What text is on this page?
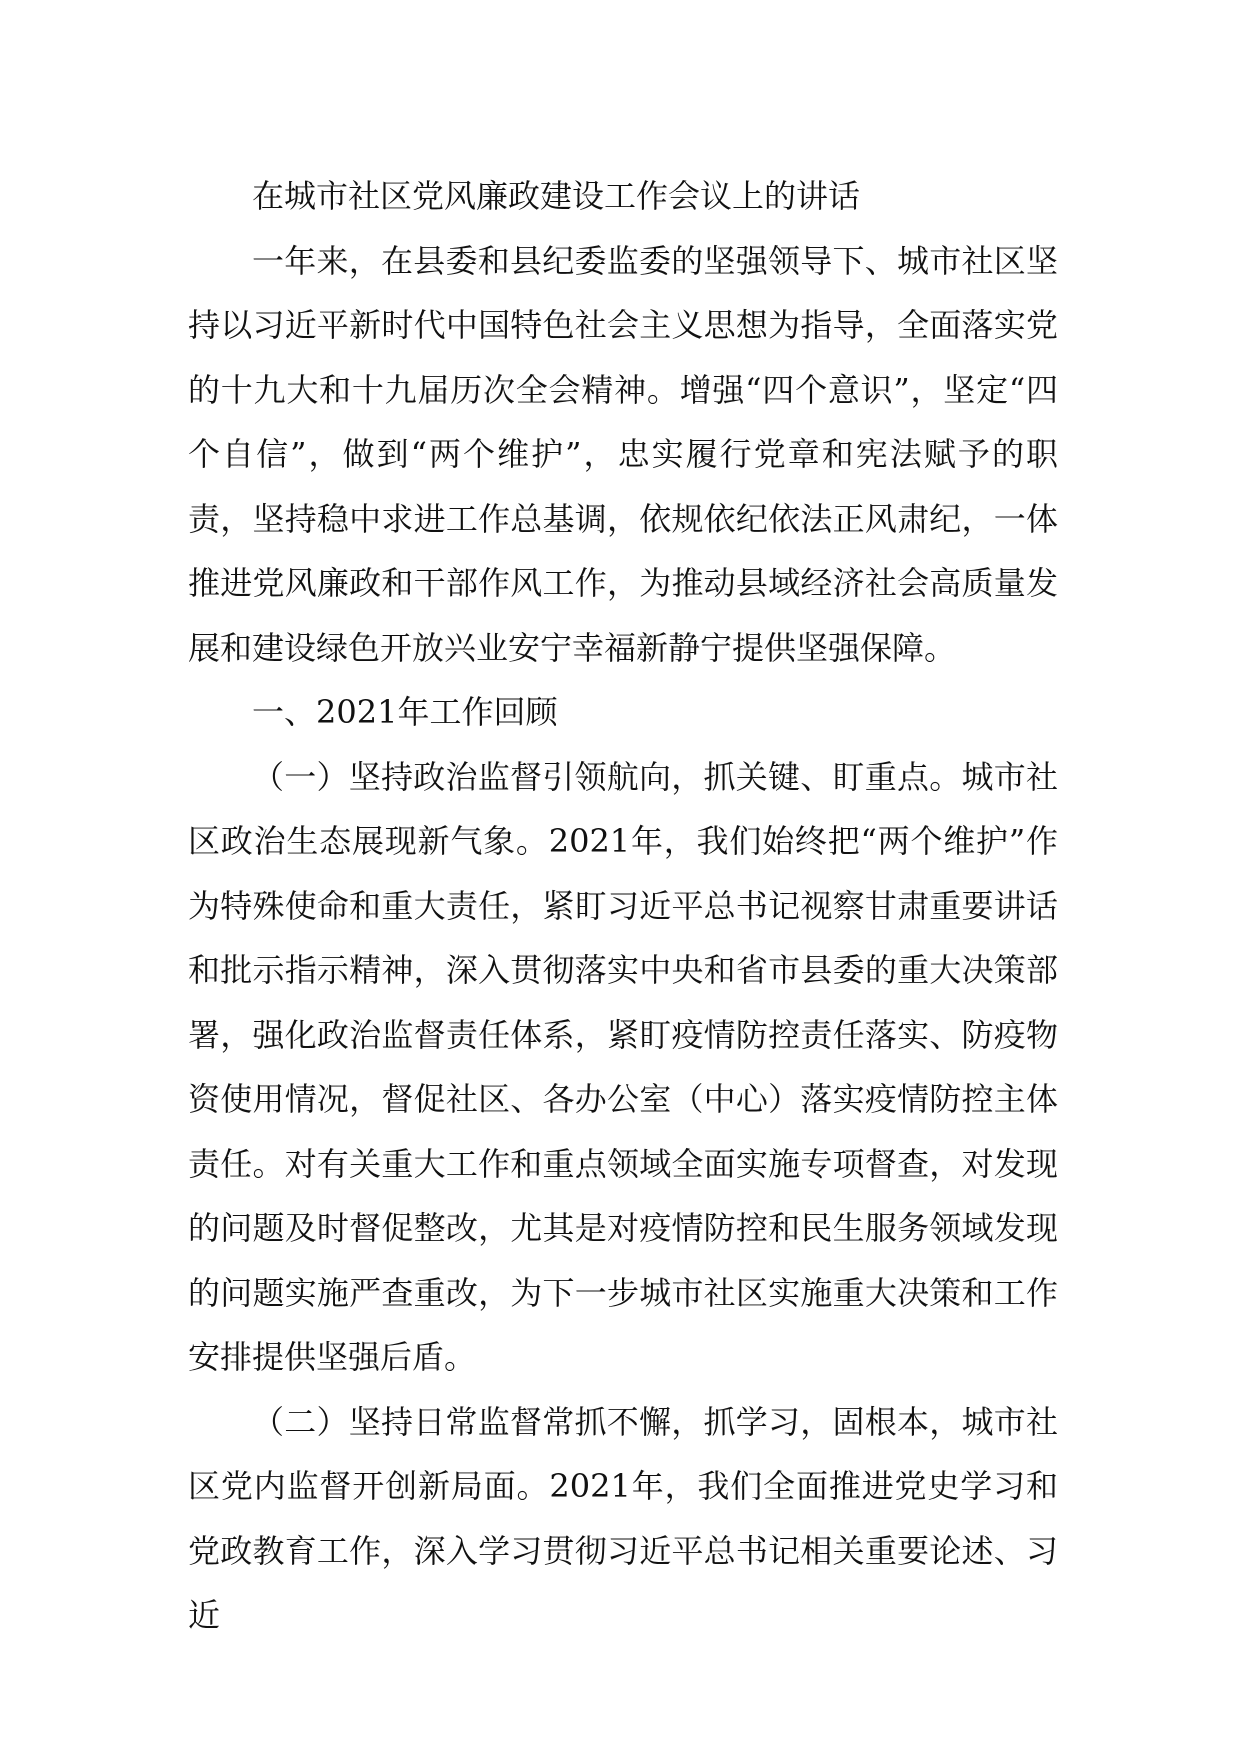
在城市社区党风廉政建设工作会议上的讲话

一年来，在县委和县纪委监委的坚强领导下、城市社区坚持以习近平新时代中国特色社会主义思想为指导，全面落实党的十九大和十九届历次全会精神。增强“四个意识”，坚定“四个自信”，做到“两个维护”，忠实履行党章和宪法赋予的职责，坚持稳中求进工作总基调，依规依纪依法正风肃纪，一体推进党风廉政和干部作风工作，为推动县域经济社会高质量发展和建设绿色开放兴业安宁幸福新静宁提供坚强保障。

一、2021年工作回顾

（一）坚持政治监督引领航向，抓关键、盯重点。城市社区政治生态展现新气象。2021年，我们始终把“两个维护”作为特殊使命和重大责任，紧盯习近平总书记视察甘肃重要讲话和批示指示精神，深入贯彻落实中央和省市县委的重大决策部署，强化政治监督责任体系，紧盯疫情防控责任落实、防疫物资使用情况，督促社区、各办公室（中心）落实疫情防控主体责任。对有关重大工作和重点领域全面实施专项督查，对发现的问题及时督促整改，尤其是对疫情防控和民生服务领域发现的问题实施严查重改，为下一步城市社区实施重大决策和工作安排提供坚强后盾。

（二）坚持日常监督常抓不懈，抓学习，固根本，城市社区党内监督开创新局面。2021年，我们全面推进党史学习和党政教育工作，深入学习贯彻习近平总书记相关重要论述、习近
